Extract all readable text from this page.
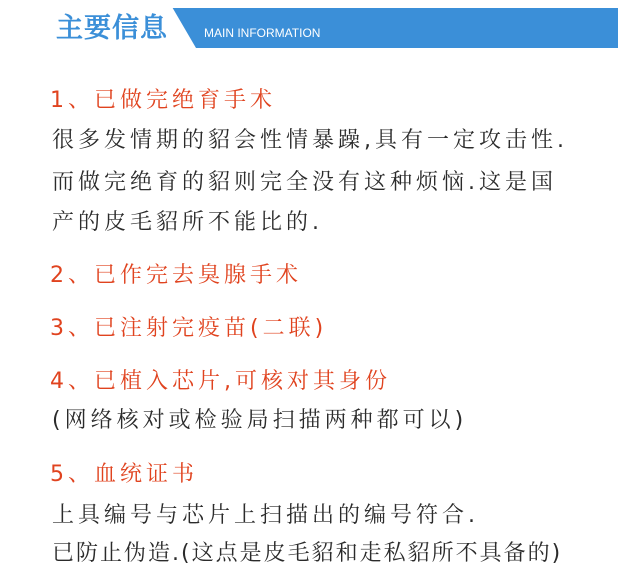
主要信息	MAIN INFORMATION
1、已做完绝育手术
很多发情期的貂会性情暴躁,具有一定攻击性.
而做完绝育的貂则完全没有这种烦恼.这是国
产的皮毛貂所不能比的.
2、已作完去臭腺手术
3、已注射完疫苗(二联)
4、已植入芯片,可核对其身份
(网络核对或检验局扫描两种都可以)
5、血统证书
上具编号与芯片上扫描出的编号符合.
已防止伪造.(这点是皮毛貂和走私貂所不具备的)
